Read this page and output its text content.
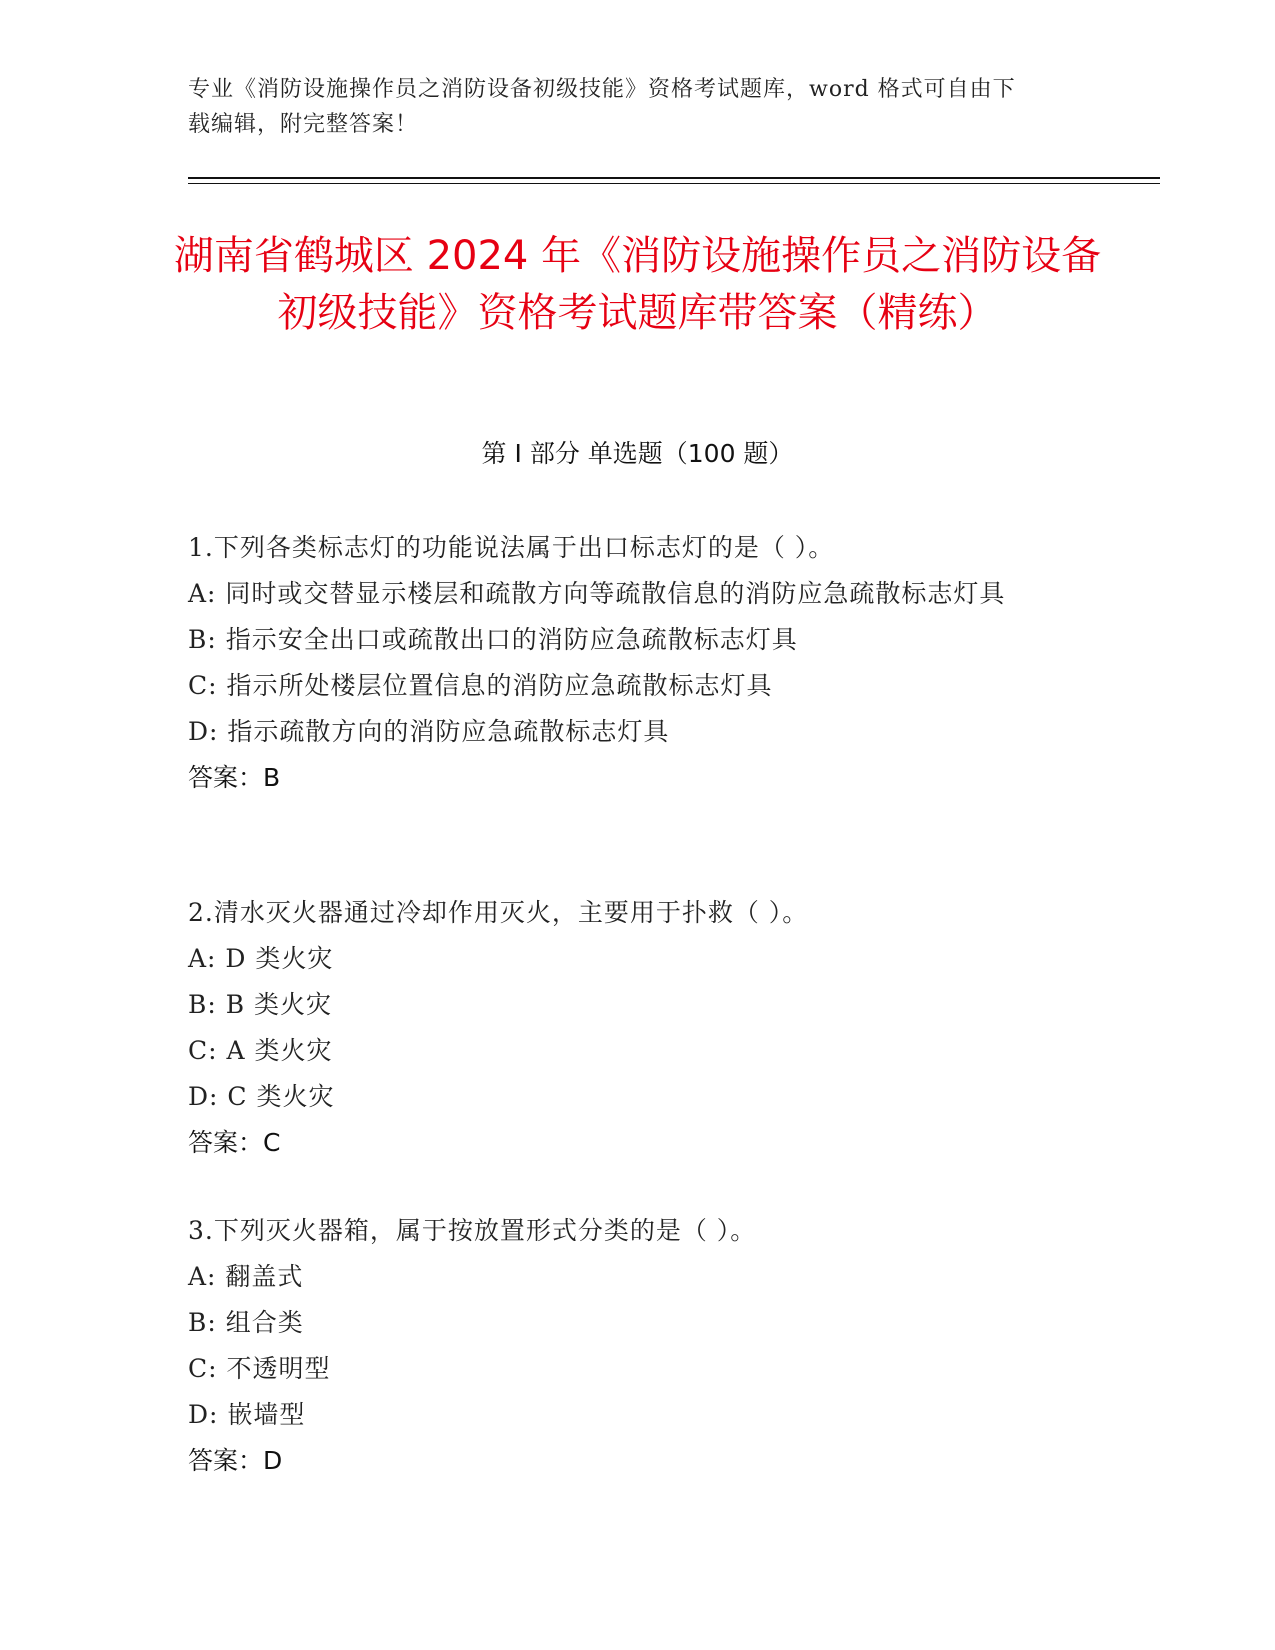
专业《消防设施操作员之消防设备初级技能》资格考试题库，word 格式可自由下
载编辑，附完整答案！
湖南省鹤城区 2024 年《消防设施操作员之消防设备初级技能》资格考试题库带答案（精练）
第 I 部分 单选题（100 题）

1.下列各类标志灯的功能说法属于出口标志灯的是（ ）。

A: 同时或交替显示楼层和疏散方向等疏散信息的消防应急疏散标志灯具

B: 指示安全出口或疏散出口的消防应急疏散标志灯具

C: 指示所处楼层位置信息的消防应急疏散标志灯具

D: 指示疏散方向的消防应急疏散标志灯具

答案：B

2.清水灭火器通过冷却作用灭火，主要用于扑救（ ）。

A: D 类火灾

B: B 类火灾

C: A 类火灾

D: C 类火灾

答案：C

3.下列灭火器箱，属于按放置形式分类的是（ ）。

A: 翻盖式

B: 组合类

C: 不透明型

D: 嵌墙型

答案：D
